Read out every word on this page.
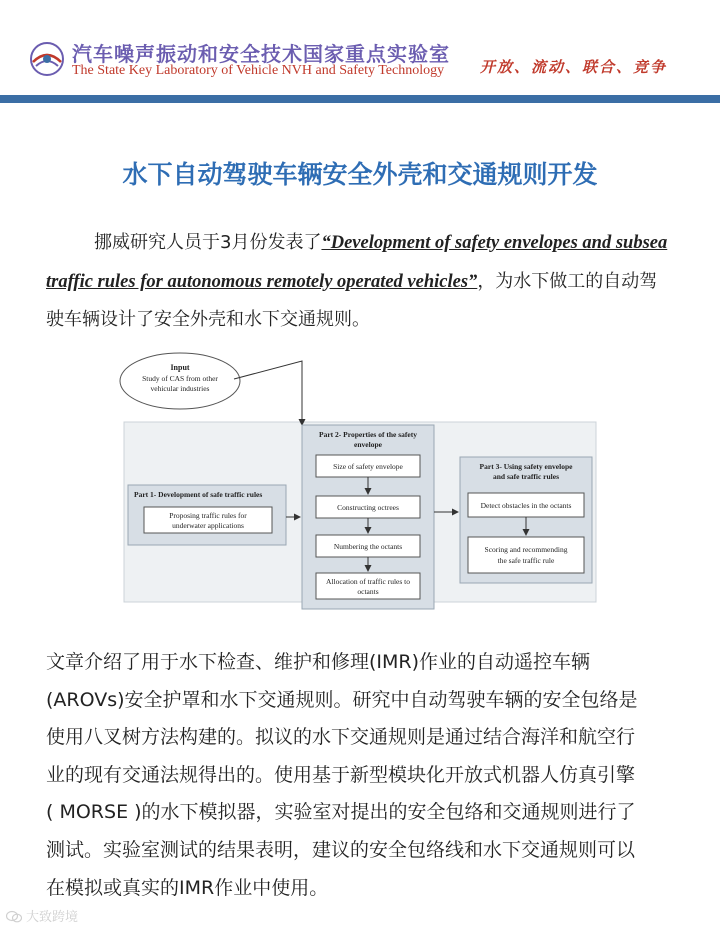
汽车噪声振动和安全技术国家重点实验室
The State Key Laboratory of Vehicle NVH and Safety Technology 开放、流动、联合、竞争
水下自动驾驶车辆安全外壳和交通规则开发
挪威研究人员于3月份发表了“Development of safety envelopes and subsea traffic rules for autonomous remotely operated vehicles”，为水下做工的自动驾驶车辆设计了安全外壳和水下交通规则。
Input
Study of CAS from other
vehicular industries
Part 1- Development of safe traffic rules
Proposing traffic rules for
underwater applications
Part 2- Properties of the safety
envelope
Size of safety envelope
Constructing octrees
Numbering the octants
Allocation of traffic rules to
octants
Part 3- Using safety envelope
and safe traffic rules
Detect obstacles in the octants
Scoring and recommending
the safe traffic rule
文章介绍了用于水下检查、维护和修理(IMR)作业的自动遥控车辆
(AROVs)安全护罩和水下交通规则。研究中自动驾驶车辆的安全包络是
使用八叉树方法构建的。拟议的水下交通规则是通过结合海洋和航空行
业的现有交通法规得出的。使用基于新型模块化开放式机器人仿真引擎
( MORSE )的水下模拟器，实验室对提出的安全包络和交通规则进行了
测试。实验室测试的结果表明，建议的安全包络线和水下交通规则可以
在模拟或真实的IMR作业中使用。
大致跨境
